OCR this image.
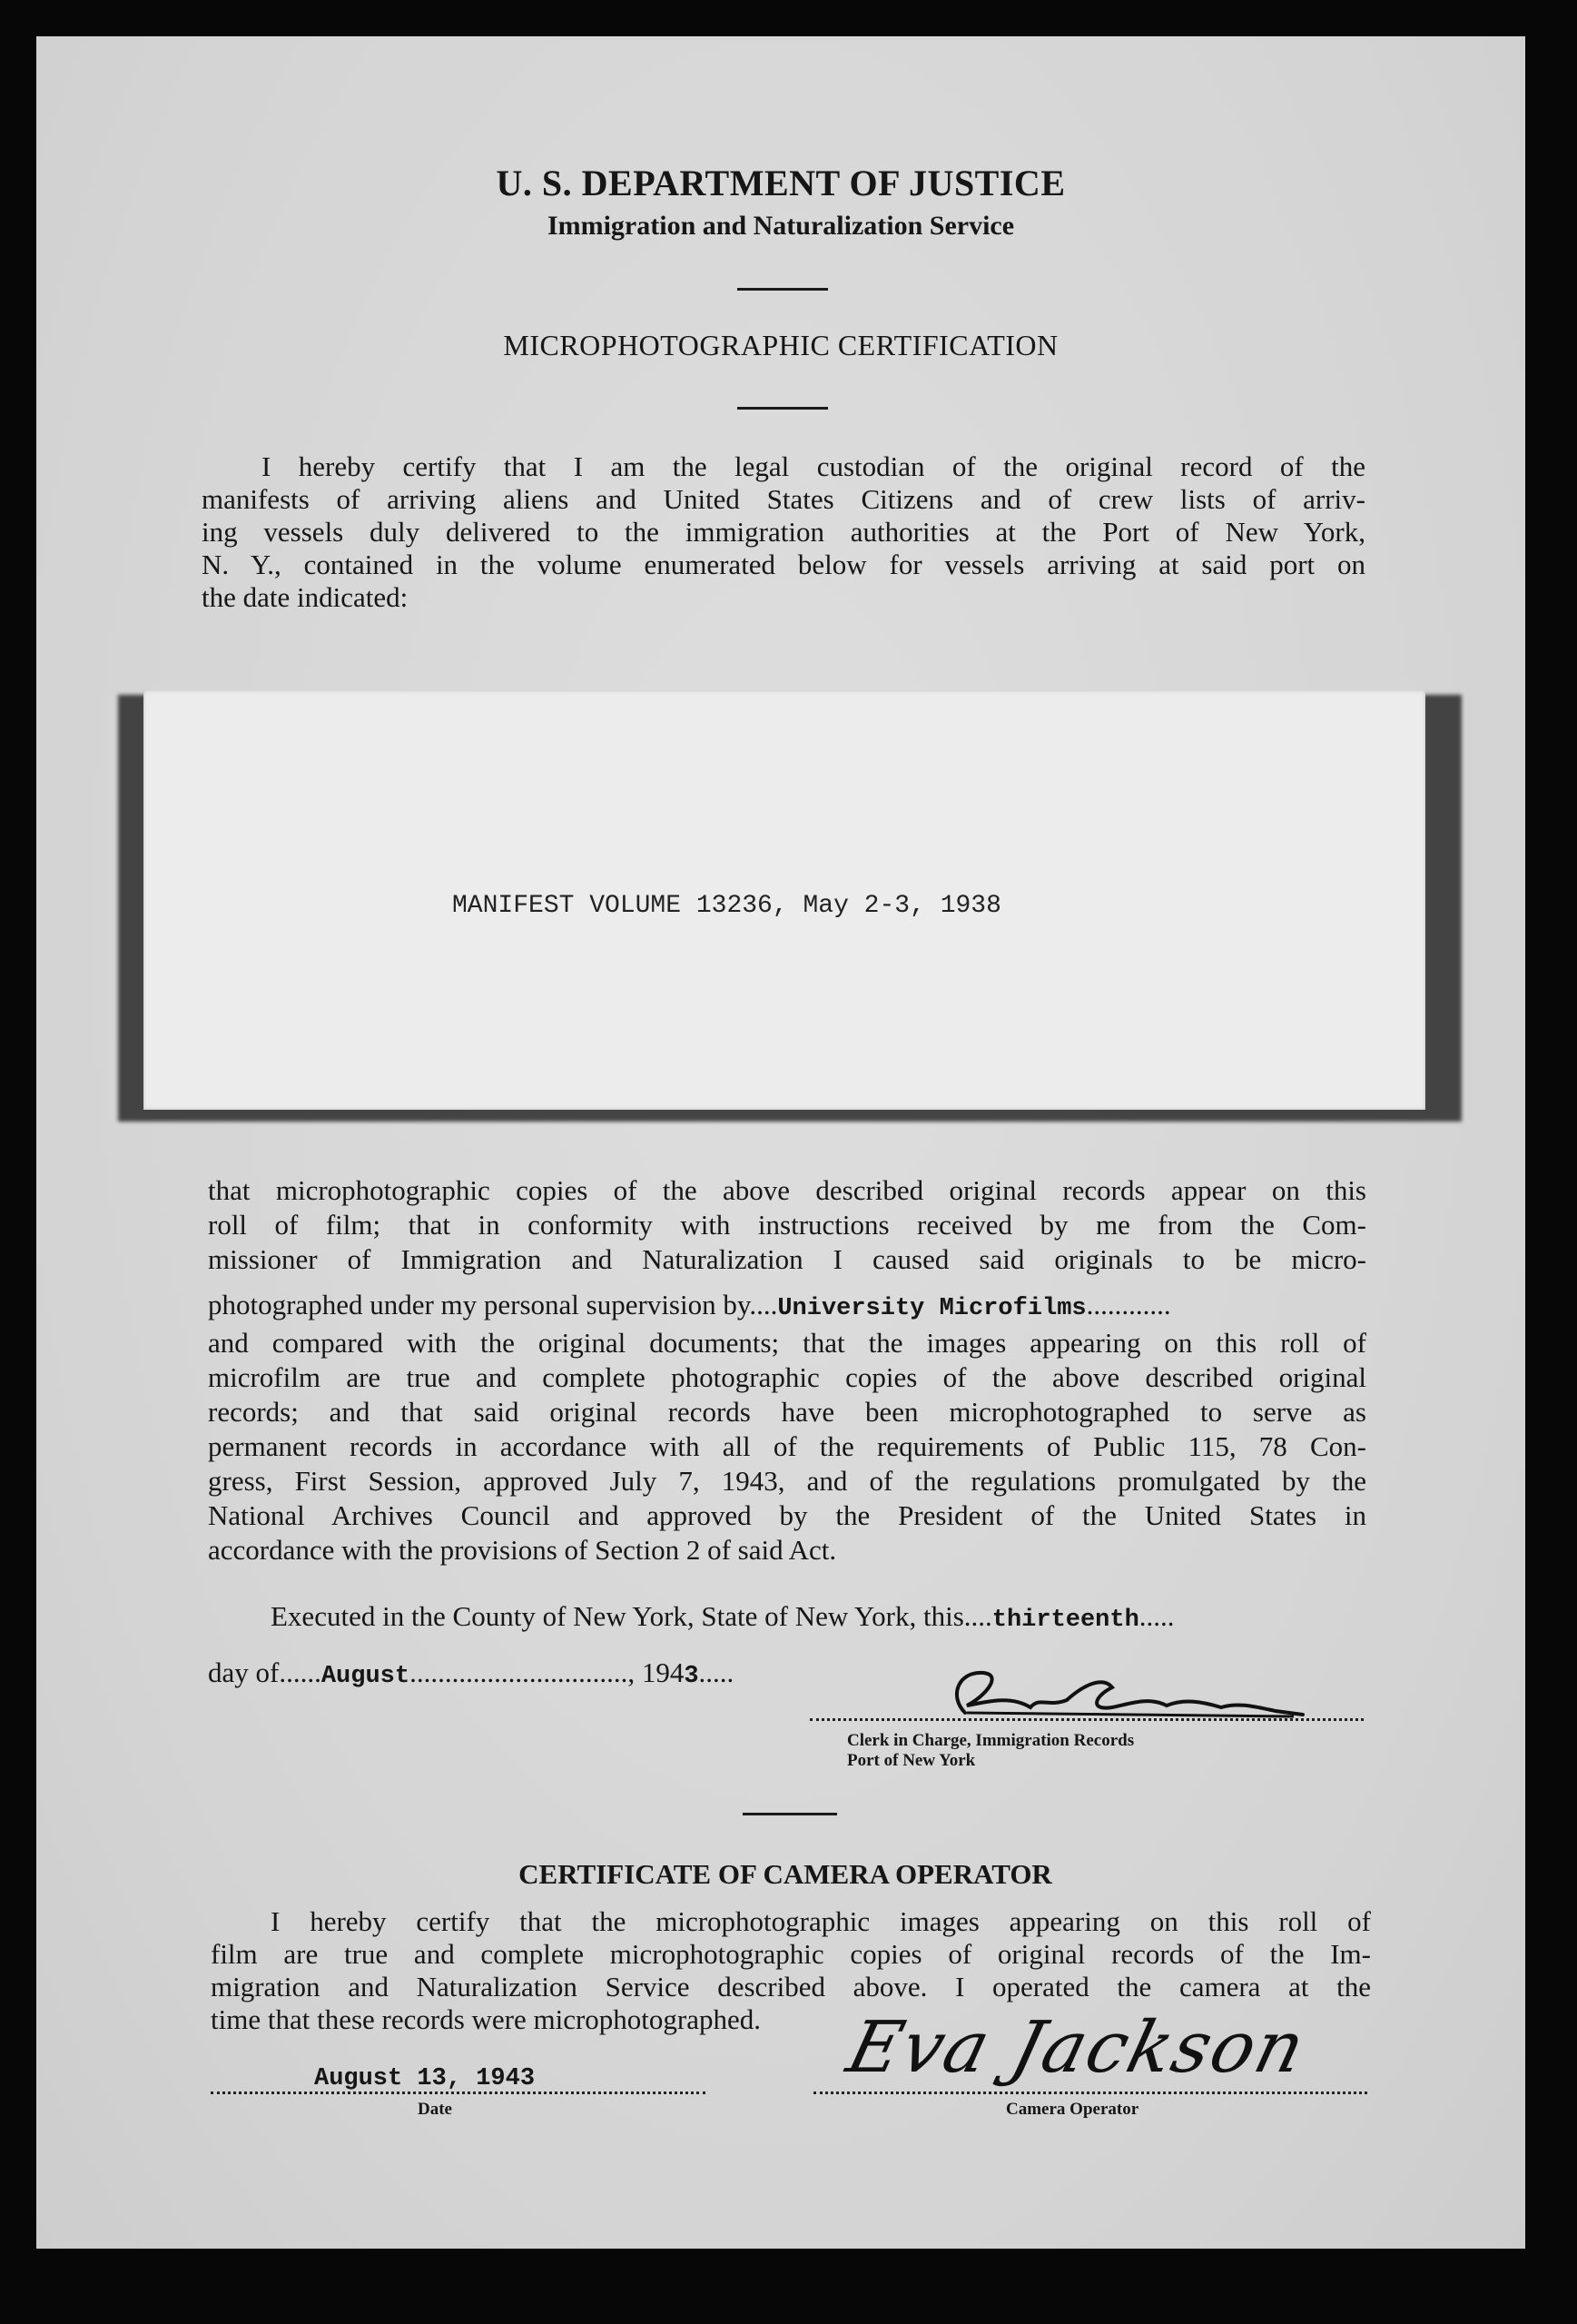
U. S. DEPARTMENT OF JUSTICE
Immigration and Naturalization Service
MICROPHOTOGRAPHIC CERTIFICATION
I hereby certify that I am the legal custodian of the original record of the
manifests of arriving aliens and United States Citizens and of crew lists of arriv-
ing vessels duly delivered to the immigration authorities at the Port of New York,
N. Y., contained in the volume enumerated below for vessels arriving at said port on
the date indicated:
MANIFEST VOLUME 13236, May 2-3, 1938
that microphotographic copies of the above described original records appear on this
roll of film; that in conformity with instructions received by me from the Com-
missioner of Immigration and Naturalization I caused said originals to be micro-
photographed under my personal supervision by....University Microfilms............
and compared with the original documents; that the images appearing on this roll of
microfilm are true and complete photographic copies of the above described original
records; and that said original records have been microphotographed to serve as
permanent records in accordance with all of the requirements of Public 115, 78 Con-
gress, First Session, approved July 7, 1943, and of the regulations promulgated by the
National Archives Council and approved by the President of the United States in
accordance with the provisions of Section 2 of said Act.
Executed in the County of New York, State of New York, this....thirteenth.....
day of......August..............................., 1943.....
Clerk in Charge, Immigration Records
Port of New York
CERTIFICATE OF CAMERA OPERATOR
I hereby certify that the microphotographic images appearing on this roll of
film are true and complete microphotographic copies of original records of the Im-
migration and Naturalization Service described above. I operated the camera at the
time that these records were microphotographed.
August 13, 1943
Date
Eva Jackson
Camera Operator
